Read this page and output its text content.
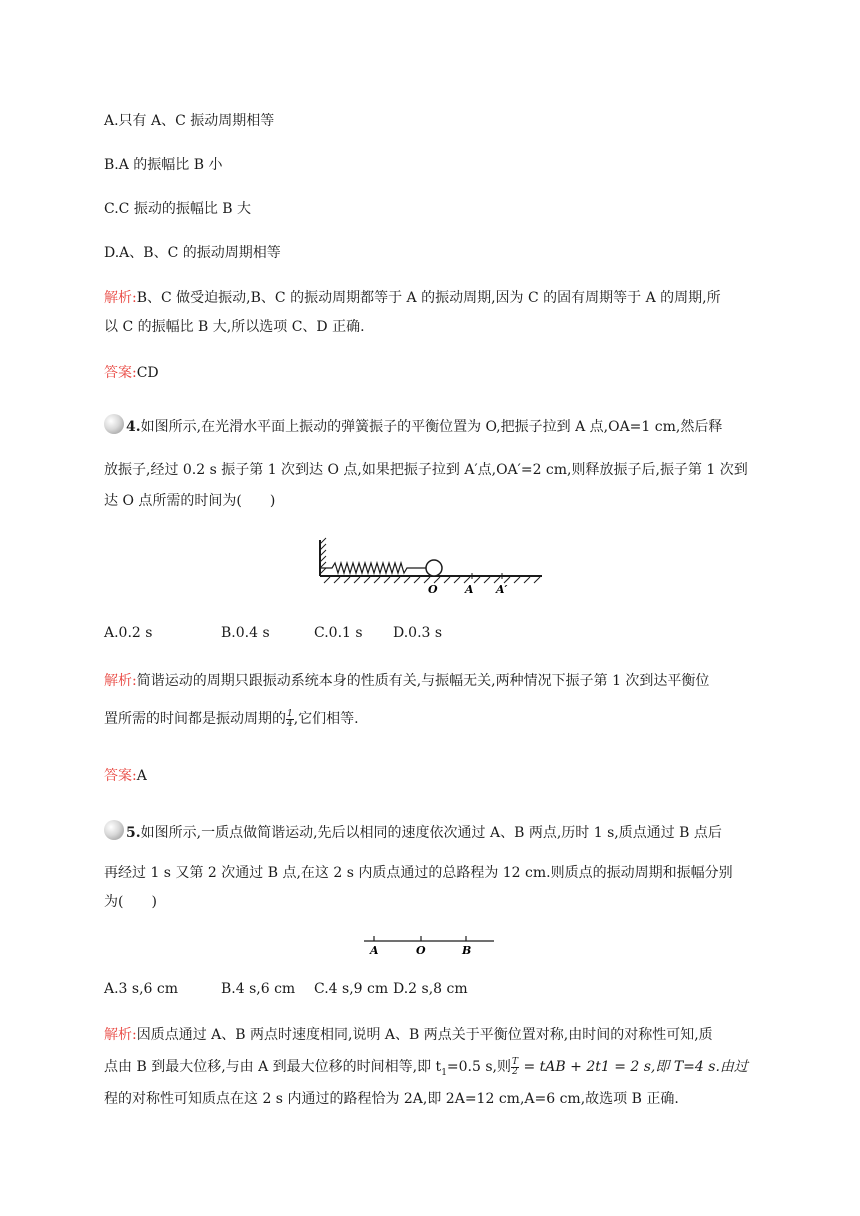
A.只有 A、C 振动周期相等
B.A 的振幅比 B 小
C.C 振动的振幅比 B 大
D.A、B、C 的振动周期相等
解析:B、C 做受迫振动,B、C 的振动周期都等于 A 的振动周期,因为 C 的固有周期等于 A 的周期,所
以 C 的振幅比 B 大,所以选项 C、D 正确.
答案:CD
4.如图所示,在光滑水平面上振动的弹簧振子的平衡位置为 O,把振子拉到 A 点,OA=1 cm,然后释
放振子,经过 0.2 s 振子第 1 次到达 O 点,如果把振子拉到 A′点,OA′=2 cm,则释放振子后,振子第 1 次到
达 O 点所需的时间为(　　)
O A A′
A.0.2 s	B.0.4 s	C.0.1 s D.0.3 s
解析:简谐运动的周期只跟振动系统本身的性质有关,与振幅无关,两种情况下振子第 1 次到达平衡位
置所需的时间都是振动周期的 $\frac{1}{4}$ ,它们相等.
答案:A
5.如图所示,一质点做简谐运动,先后以相同的速度依次通过 A、B 两点,历时 1 s,质点通过 B 点后
再经过 1 s 又第 2 次通过 B 点,在这 2 s 内质点通过的总路程为 12 cm.则质点的振动周期和振幅分别
为(　　)
A	O	B
A.3 s,6 cm	B.4 s,6 cm C.4 s,9 cm D.2 s,8 cm
解析:因质点通过 A、B 两点时速度相同,说明 A、B 两点关于平衡位置对称,由时间的对称性可知,质
点由 B 到最大位移,与由 A 到最大位移的时间相等,即 $t_1=0.5$ s,则 $\frac{T}{2}$ = tAB + 2t1 = 2 s,即 T=4 s.由过
程的对称性可知质点在这 2 s 内通过的路程恰为 2A,即 2A=12 cm,A=6 cm,故选项 B 正确.
